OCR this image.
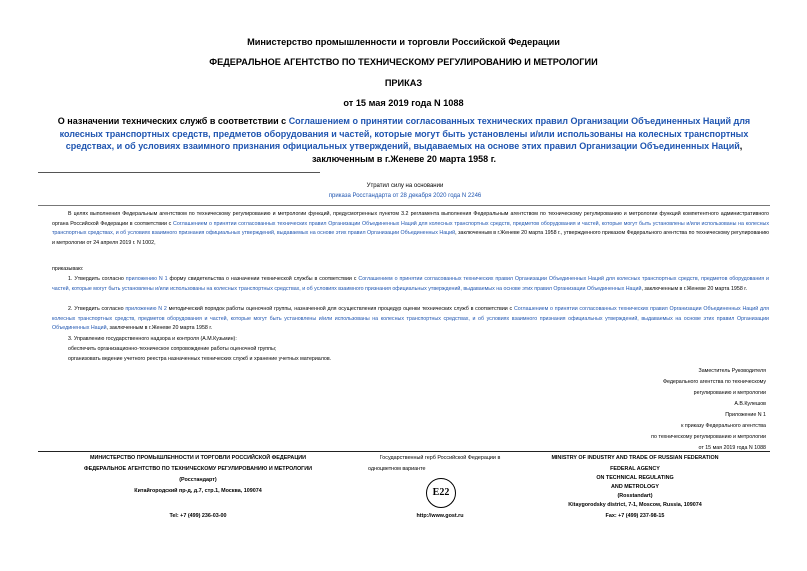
Министерство промышленности и торговли Российской Федерации
ФЕДЕРАЛЬНОЕ АГЕНТСТВО ПО ТЕХНИЧЕСКОМУ РЕГУЛИРОВАНИЮ И МЕТРОЛОГИИ
ПРИКАЗ
от 15 мая 2019 года N 1088
О назначении технических служб в соответствии с Соглашением о принятии согласованных технических правил Организации Объединенных Наций для колесных транспортных средств, предметов оборудования и частей, которые могут быть установлены и/или использованы на колесных транспортных средствах, и об условиях взаимного признания официальных утверждений, выдаваемых на основе этих правил Организации Объединенных Наций, заключенным в г.Женеве 20 марта 1958 г.
Утратил силу на основании
приказа Росстандарта от 28 декабря 2020 года N 2246
В целях выполнения Федеральным агентством по техническому регулированию и метрологии функций, предусмотренных пунктом 3.2 регламента выполнения Федеральным агентством по техническому регулированию и метрологии функций компетентного административного органа Российской Федерации в соответствии с Соглашением о принятии согласованных технических правил Организации Объединенных Наций для колесных транспортных средств, предметов оборудования и частей, которые могут быть установлены и/или использованы на колесных транспортных средствах, и об условиях взаимного признания официальных утверждений, выдаваемых на основе этих правил Организации Объединенных Наций, заключенным в г.Женеве 20 марта 1958 г., утвержденного приказом Федерального агентства по техническому регулированию и метрологии от 24 апреля 2019 г. N 1002,
приказываю:
1. Утвердить согласно приложению N 1 форму свидетельства о назначении технической службы в соответствии с Соглашением о принятии согласованных технических правил Организации Объединенных Наций для колесных транспортных средств, предметов оборудования и частей, которые могут быть установлены и/или использованы на колесных транспортных средствах, и об условиях взаимного признания официальных утверждений, выдаваемых на основе этих правил Организации Объединенных Наций, заключенным в г.Женеве 20 марта 1958 г.
2. Утвердить согласно приложению N 2 методический порядок работы оценочной группы, назначенной для осуществления процедур оценки технических служб в соответствии с Соглашением о принятии согласованных технических правил Организации Объединенных Наций для колесных транспортных средств, предметов оборудования и частей, которые могут быть установлены и/или использованы на колесных транспортных средствах, и об условиях взаимного признания официальных утверждений, выдаваемых на основе этих правил Организации Объединенных Наций, заключенным в г.Женеве 20 марта 1958 г.
3. Управлению государственного надзора и контроля (А.М.Кузьмин):
обеспечить организационно-техническое сопровождение работы оценочной группы;
организовать ведение учетного реестра назначенных технических служб и хранение учетных материалов.
Заместитель Руководителя
Федерального агентства по техническому
регулированию и метрологии
А.В.Кулешов
Приложение N 1
к приказу Федерального агентства
по техническому регулированию и метрологии
от 15 мая 2019 года N 1088
МИНИСТЕРСТВО ПРОМЫШЛЕННОСТИ И ТОРГОВЛИ РОССИЙСКОЙ ФЕДЕРАЦИИ
ФЕДЕРАЛЬНОЕ АГЕНТСТВО ПО ТЕХНИЧЕСКОМУ РЕГУЛИРОВАНИЮ И МЕТРОЛОГИИ
(Росстандарт)
Китайгородский пр-д, д.7, стр.1, Москва, 109074
Tel: +7 (499) 236-03-00
Государственный герб Российской Федерации в
одноцветном варианте
E22
http://www.gost.ru
MINISTRY OF INDUSTRY AND TRADE OF RUSSIAN FEDERATION
FEDERAL AGENCY
ON TECHNICAL REGULATING
AND METROLOGY
(Rosstandart)
Kitaygorodsky district, 7-1, Moscow, Russia, 109074
Fax: +7 (499) 237-98-15
